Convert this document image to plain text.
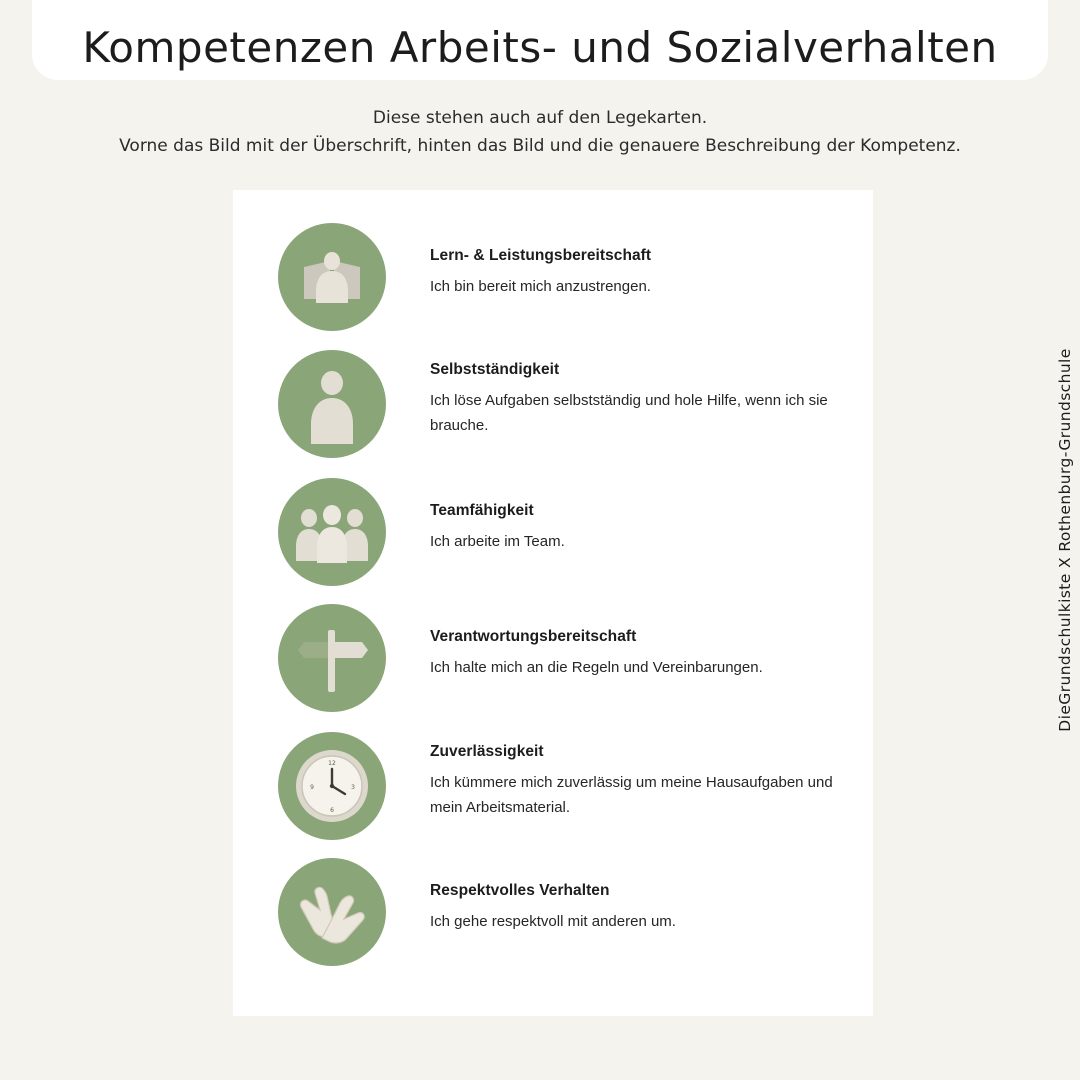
Kompetenzen Arbeits- und Sozialverhalten
Diese stehen auch auf den Legekarten.
Vorne das Bild mit der Überschrift, hinten das Bild und die genauere Beschreibung der Kompetenz.

Lern- & Leistungsbereitschaft

Ich bin bereit mich anzustrengen.

Selbstständigkeit

Ich löse Aufgaben selbstständig und hole Hilfe, wenn ich sie brauche.

Teamfähigkeit

Ich arbeite im Team.

Verantwortungsbereitschaft

Ich halte mich an die Regeln und Vereinbarungen.

12
3
6
9

Zuverlässigkeit

Ich kümmere mich zuverlässig um meine Hausaufgaben und mein Arbeitsmaterial.

Respektvolles Verhalten

Ich gehe respektvoll mit anderen um.

DieGrundschulkiste X Rothenburg-Grundschule
